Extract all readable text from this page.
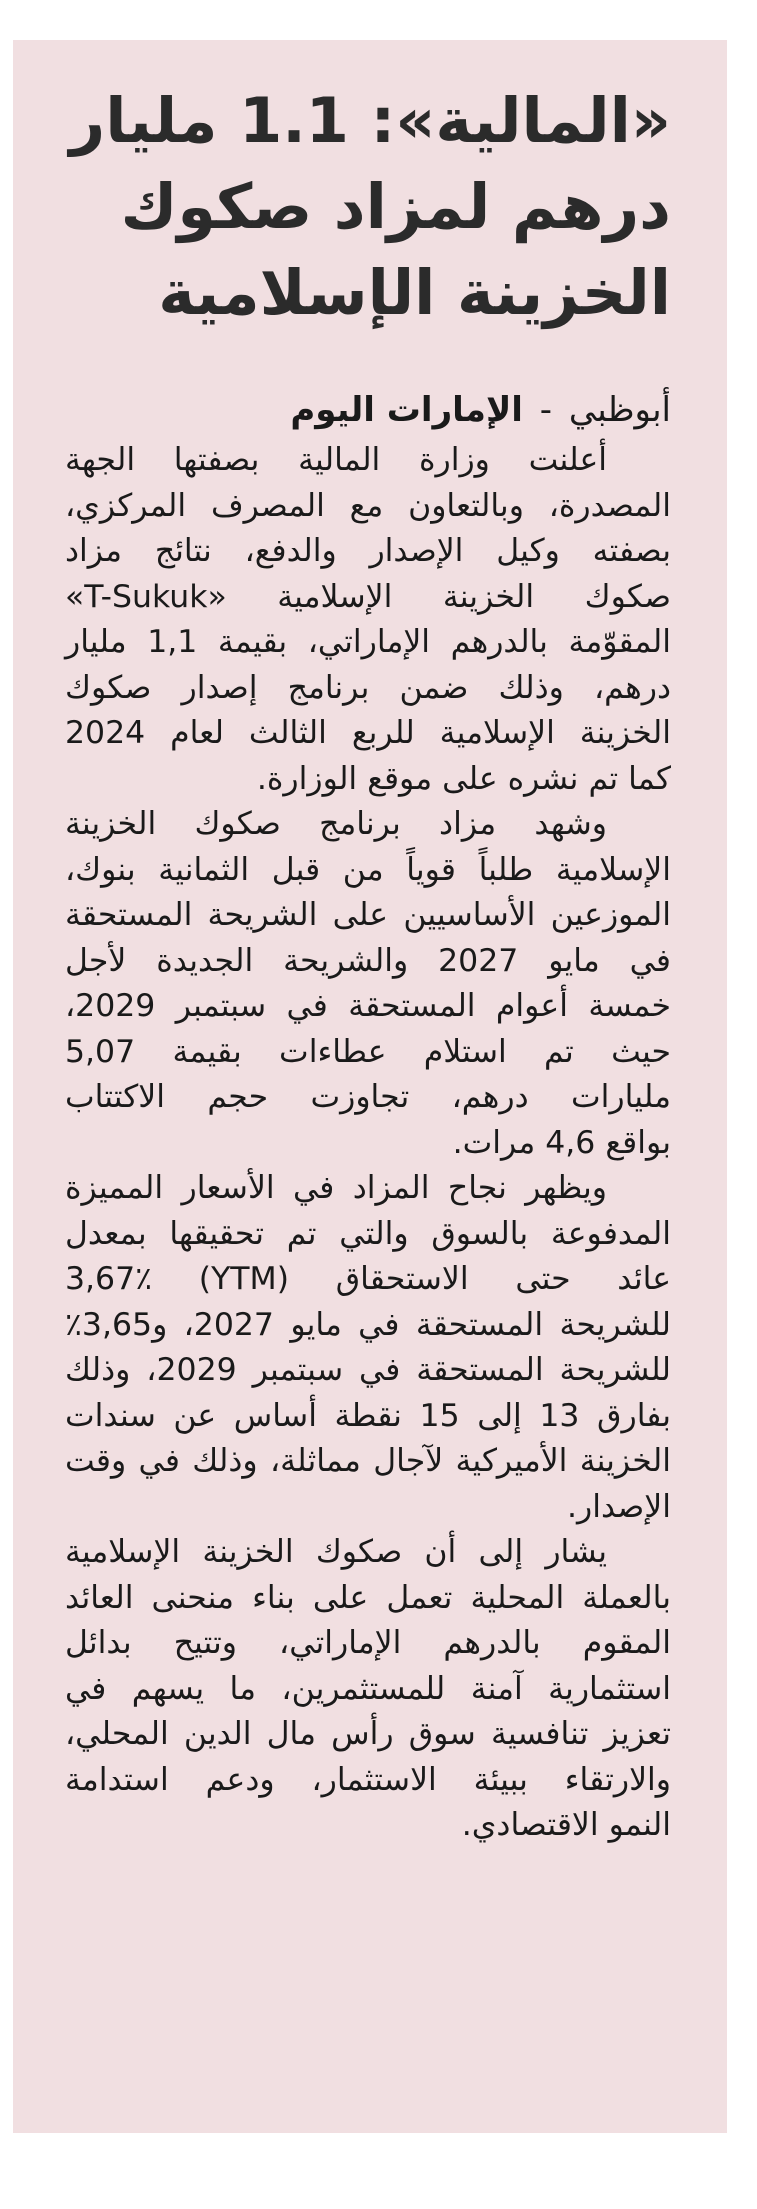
«المالية»: 1.1 مليار
درهم لمزاد صكوك
الخزينة الإسلامية
أبوظبي - الإمارات اليوم

أعلنت وزارة المالية بصفتها الجهة
المصدرة، وبالتعاون مع المصرف المركزي،
بصفته وكيل الإصدار والدفع، نتائج مزاد
صكوك الخزينة الإسلامية «T-Sukuk»
المقوّمة بالدرهم الإماراتي، بقيمة 1,1 مليار
درهم، وذلك ضمن برنامج إصدار صكوك
الخزينة الإسلامية للربع الثالث لعام 2024
كما تم نشره على موقع الوزارة.

وشهد مزاد برنامج صكوك الخزينة
الإسلامية طلباً قوياً من قبل الثمانية بنوك،
الموزعين الأساسيين على الشريحة المستحقة
في مايو 2027 والشريحة الجديدة لأجل
خمسة أعوام المستحقة في سبتمبر 2029،
حيث تم استلام عطاءات بقيمة 5,07
مليارات درهم، تجاوزت حجم الاكتتاب
بواقع 4,6 مرات.

ويظهر نجاح المزاد في الأسعار المميزة
المدفوعة بالسوق والتي تم تحقيقها بمعدل
عائد حتى الاستحقاق (YTM) 3,67٪
للشريحة المستحقة في مايو 2027، و3,65٪
للشريحة المستحقة في سبتمبر 2029، وذلك
بفارق 13 إلى 15 نقطة أساس عن سندات
الخزينة الأميركية لآجال مماثلة، وذلك في وقت
الإصدار.

يشار إلى أن صكوك الخزينة الإسلامية
بالعملة المحلية تعمل على بناء منحنى العائد
المقوم بالدرهم الإماراتي، وتتيح بدائل
استثمارية آمنة للمستثمرين، ما يسهم في
تعزيز تنافسية سوق رأس مال الدين المحلي،
والارتقاء ببيئة الاستثمار، ودعم استدامة
النمو الاقتصادي.
